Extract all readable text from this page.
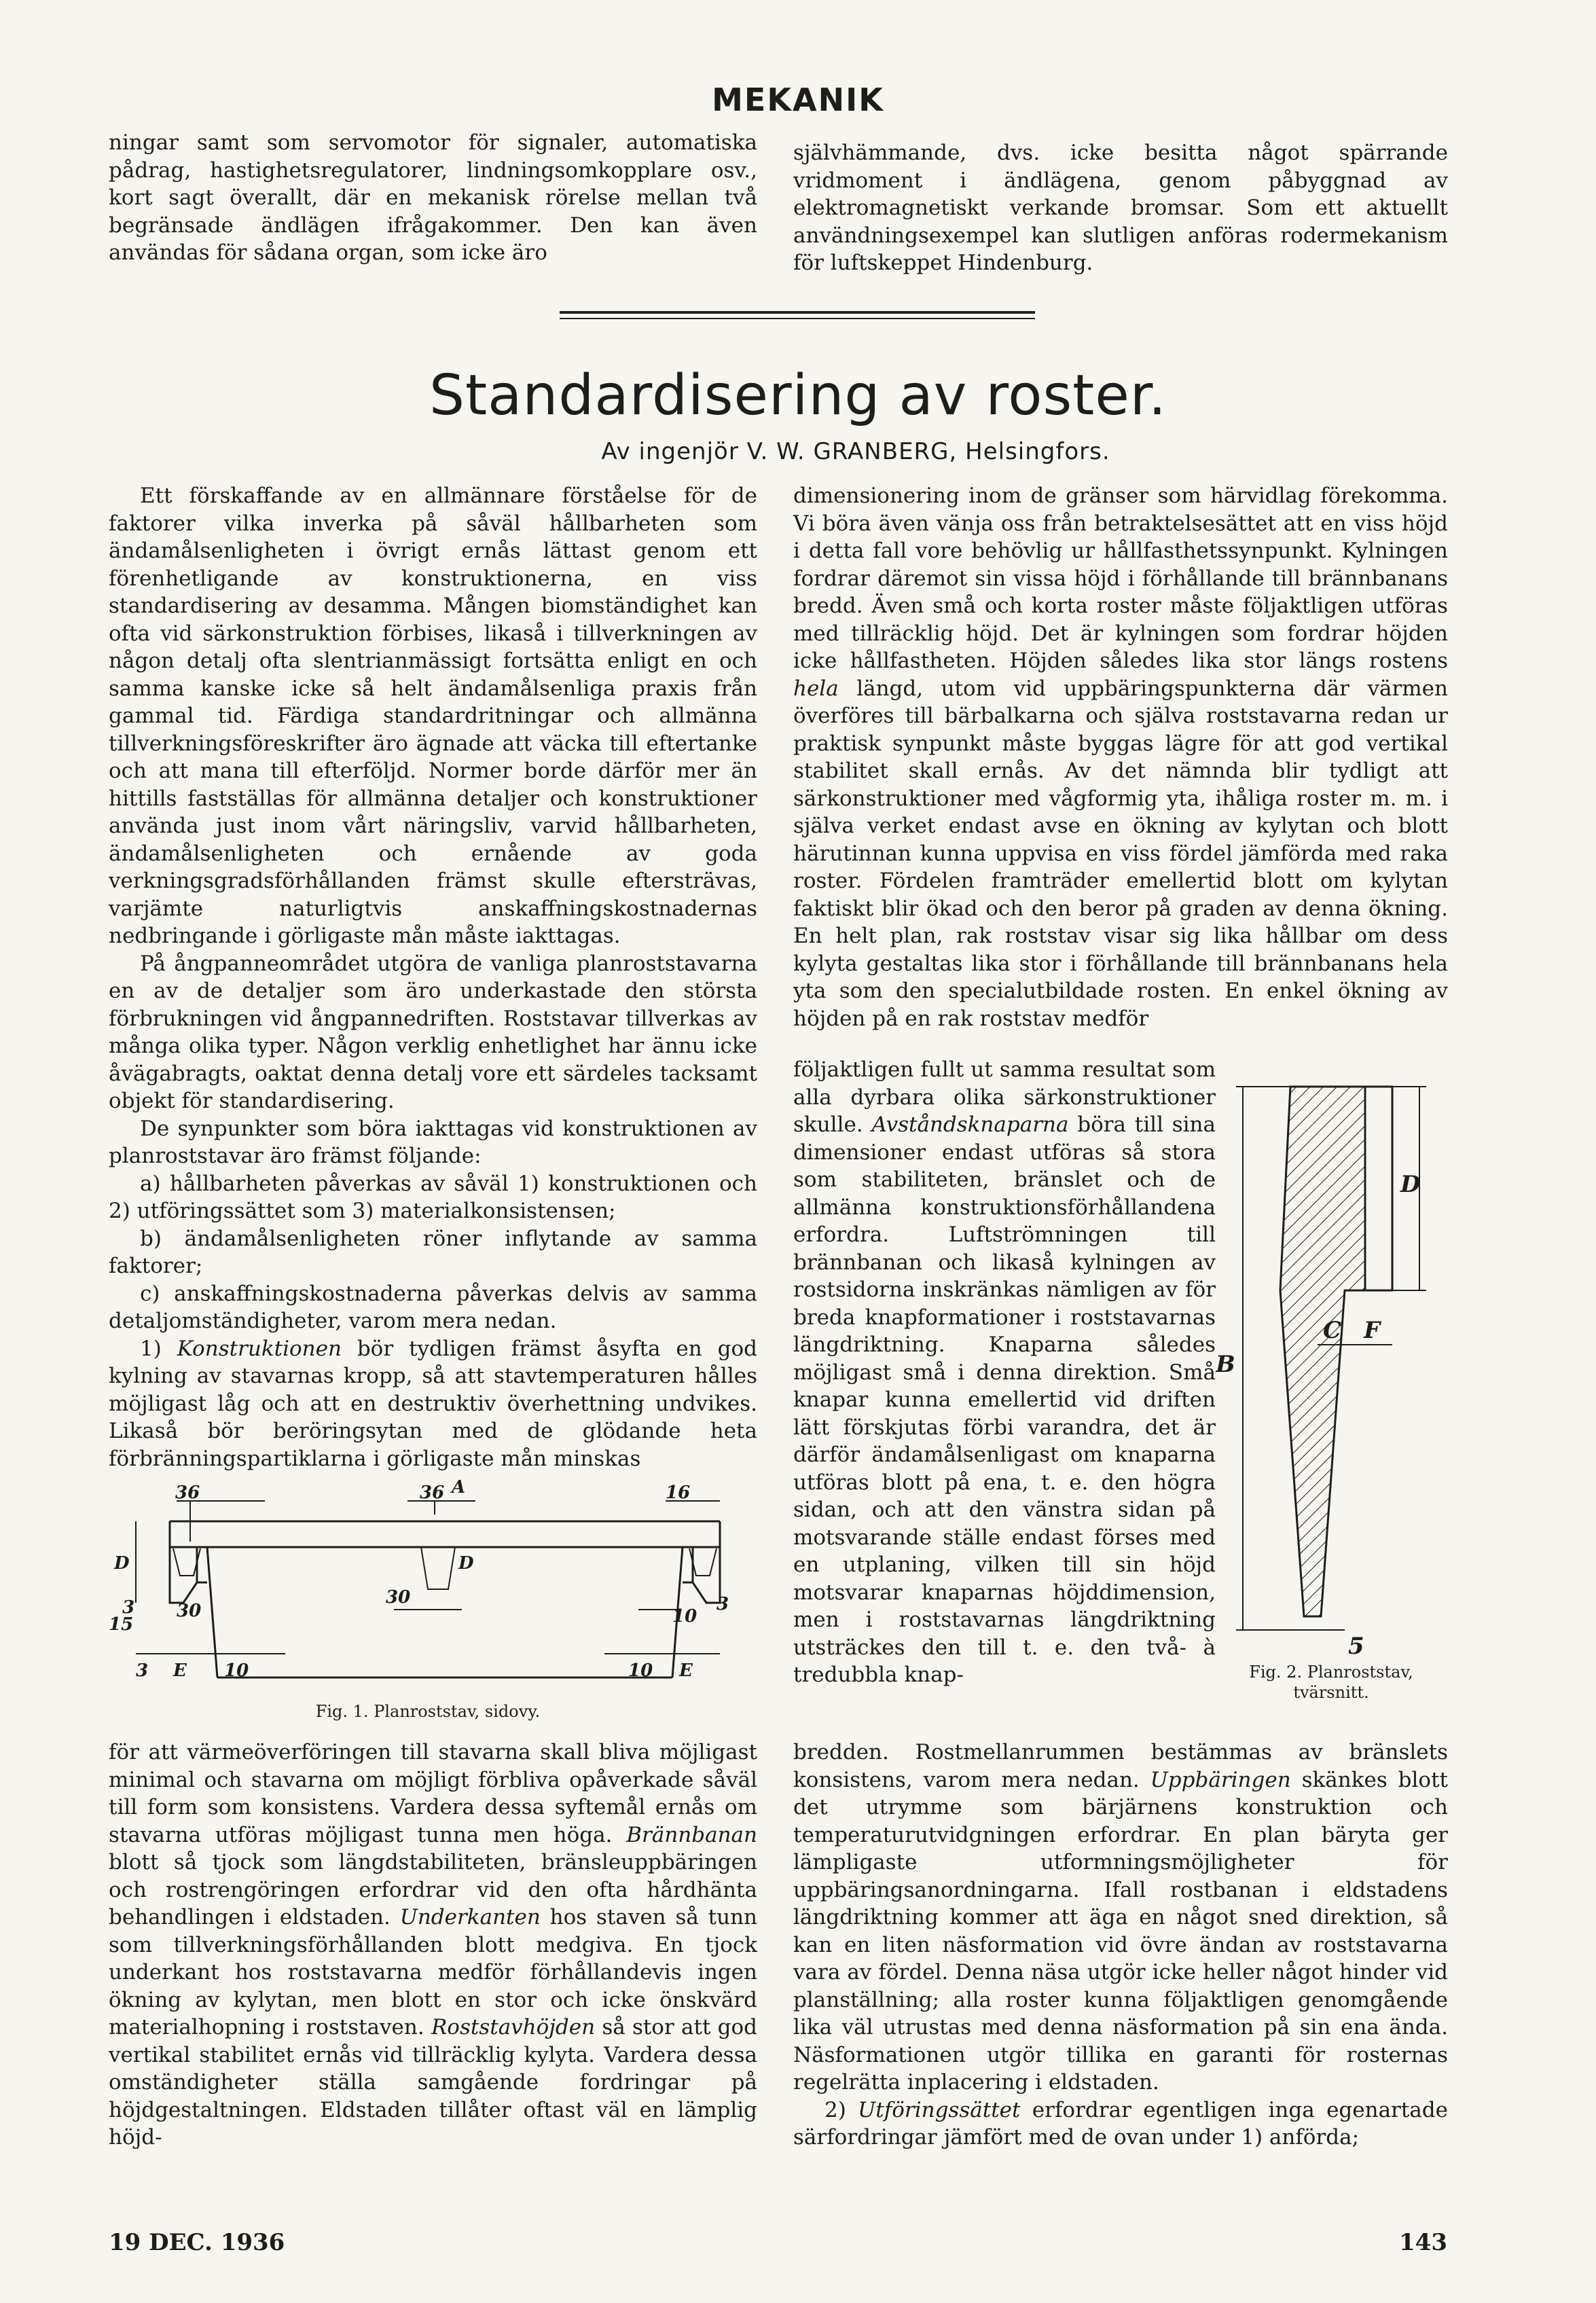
MEKANIK

ningar samt som servomotor för signaler, automatiska pådrag, hastighetsregulatorer, lindningsomkopplare osv., kort sagt överallt, där en mekanisk rörelse mellan två begränsade ändlägen ifrågakommer. Den kan även användas för sådana organ, som icke äro

självhämmande, dvs. icke besitta något spärrande vridmoment i ändlägena, genom påbyggnad av elektromagnetiskt verkande bromsar. Som ett aktuellt användningsexempel kan slutligen anföras rodermekanism för luftskeppet Hindenburg.

Standardisering av roster.
Av ingenjör V. W. GRANBERG, Helsingfors.

Ett förskaffande av en allmännare förståelse för de faktorer vilka inverka på såväl hållbarheten som ändamålsenligheten i övrigt ernås lättast genom ett förenhetligande av konstruktionerna, en viss standardisering av desamma. Mången biomständighet kan ofta vid särkonstruktion förbises, likaså i tillverkningen av någon detalj ofta slentrianmässigt fortsätta enligt en och samma kanske icke så helt ändamålsenliga praxis från gammal tid. Färdiga standardritningar och allmänna tillverkningsföreskrifter äro ägnade att väcka till eftertanke och att mana till efterföljd. Normer borde därför mer än hittills fastställas för allmänna detaljer och konstruktioner använda just inom vårt näringsliv, varvid hållbarheten, ändamålsenligheten och ernående av goda verkningsgradsförhållanden främst skulle eftersträvas, varjämte naturligtvis anskaffningskostnadernas nedbringande i görligaste mån måste iakttagas.

På ångpanneområdet utgöra de vanliga planroststavarna en av de detaljer som äro underkastade den största förbrukningen vid ångpannedriften. Roststavar tillverkas av många olika typer. Någon verklig enhetlighet har ännu icke åvägabragts, oaktat denna detalj vore ett särdeles tacksamt objekt för standardisering.

De synpunkter som böra iakttagas vid konstruktionen av planroststavar äro främst följande:

a) hållbarheten påverkas av såväl 1) konstruktionen och 2) utföringssättet som 3) materialkonsistensen;

b) ändamålsenligheten röner inflytande av samma faktorer;

c) anskaffningskostnaderna påverkas delvis av samma detaljomständigheter, varom mera nedan.

1) Konstruktionen bör tydligen främst åsyfta en god kylning av stavarnas kropp, så att stavtemperaturen hålles möjligast låg och att en destruktiv överhettning undvikes. Likaså bör beröringsytan med de glödande heta förbränningspartiklarna i görligaste mån minskas

A
36	36	16
D	D
15
3	30
30	10
3
3 E 10	10 E
Fig. 1. Planroststav, sidovy.

för att värmeöverföringen till stavarna skall bliva möjligast minimal och stavarna om möjligt förbliva opåverkade såväl till form som konsistens. Vardera dessa syftemål ernås om stavarna utföras möjligast tunna men höga. Brännbanan blott så tjock som längdstabiliteten, bränsleuppbäringen och rostrengöringen erfordrar vid den ofta hårdhänta behandlingen i eldstaden. Underkanten hos staven så tunn som tillverkningsförhållanden blott medgiva. En tjock underkant hos roststavarna medför förhållandevis ingen ökning av kylytan, men blott en stor och icke önskvärd materialhopning i roststaven. Roststavhöjden så stor att god vertikal stabilitet ernås vid tillräcklig kylyta. Vardera dessa omständigheter ställa samgående fordringar på höjdgestaltningen. Eldstaden tillåter oftast väl en lämplig höjd-

dimensionering inom de gränser som härvidlag förekomma. Vi böra även vänja oss från betraktelsesättet att en viss höjd i detta fall vore behövlig ur hållfasthetssynpunkt. Kylningen fordrar däremot sin vissa höjd i förhållande till brännbanans bredd. Även små och korta roster måste följaktligen utföras med tillräcklig höjd. Det är kylningen som fordrar höjden icke hållfastheten. Höjden således lika stor längs rostens hela längd, utom vid uppbäringspunkterna där värmen överföres till bärbalkarna och själva roststavarna redan ur praktisk synpunkt måste byggas lägre för att god vertikal stabilitet skall ernås. Av det nämnda blir tydligt att särkonstruktioner med vågformig yta, ihåliga roster m. m. i själva verket endast avse en ökning av kylytan och blott härutinnan kunna uppvisa en viss fördel jämförda med raka roster. Fördelen framträder emellertid blott om kylytan faktiskt blir ökad och den beror på graden av denna ökning. En helt plan, rak roststav visar sig lika hållbar om dess kylyta gestaltas lika stor i förhållande till brännbanans hela yta som den specialutbildade rosten. En enkel ökning av höjden på en rak roststav medför

följaktligen fullt ut samma resultat som alla dyrbara olika särkonstruktioner skulle. Avståndsknaparna böra till sina dimensioner endast utföras så stora som stabiliteten, bränslet och de allmänna konstruktionsförhållandena erfordra. Luftströmningen till brännbanan och likaså kylningen av rostsidorna inskränkas nämligen av för breda knapformationer i roststavarnas längdriktning. Knaparna således möjligast små i denna direktion. Små knapar kunna emellertid vid driften lätt förskjutas förbi varandra, det är därför ändamålsenligast om knaparna utföras blott på ena, t. e. den högra sidan, och att den vänstra sidan på motsvarande ställe endast förses med en utplaning, vilken till sin höjd motsvarar knaparnas höjddimension, men i roststavarnas längdriktning utsträckes den till t. e. den två- à tredubbla knap-

B
D
C F
5
Fig. 2. Planroststav,
tvärsnitt.

bredden. Rostmellanrummen bestämmas av bränslets konsistens, varom mera nedan. Uppbäringen skänkes blott det utrymme som bärjärnens konstruktion och temperaturutvidgningen erfordrar. En plan bäryta ger lämpligaste utformningsmöjligheter för uppbäringsanordningarna. Ifall rostbanan i eldstadens längdriktning kommer att äga en något sned direktion, så kan en liten näsformation vid övre ändan av roststavarna vara av fördel. Denna näsa utgör icke heller något hinder vid planställning; alla roster kunna följaktligen genomgående lika väl utrustas med denna näsformation på sin ena ända. Näsformationen utgör tillika en garanti för rosternas regelrätta inplacering i eldstaden.

2) Utföringssättet erfordrar egentligen inga egenartade särfordringar jämfört med de ovan under 1) anförda;

19 DEC. 1936	143
